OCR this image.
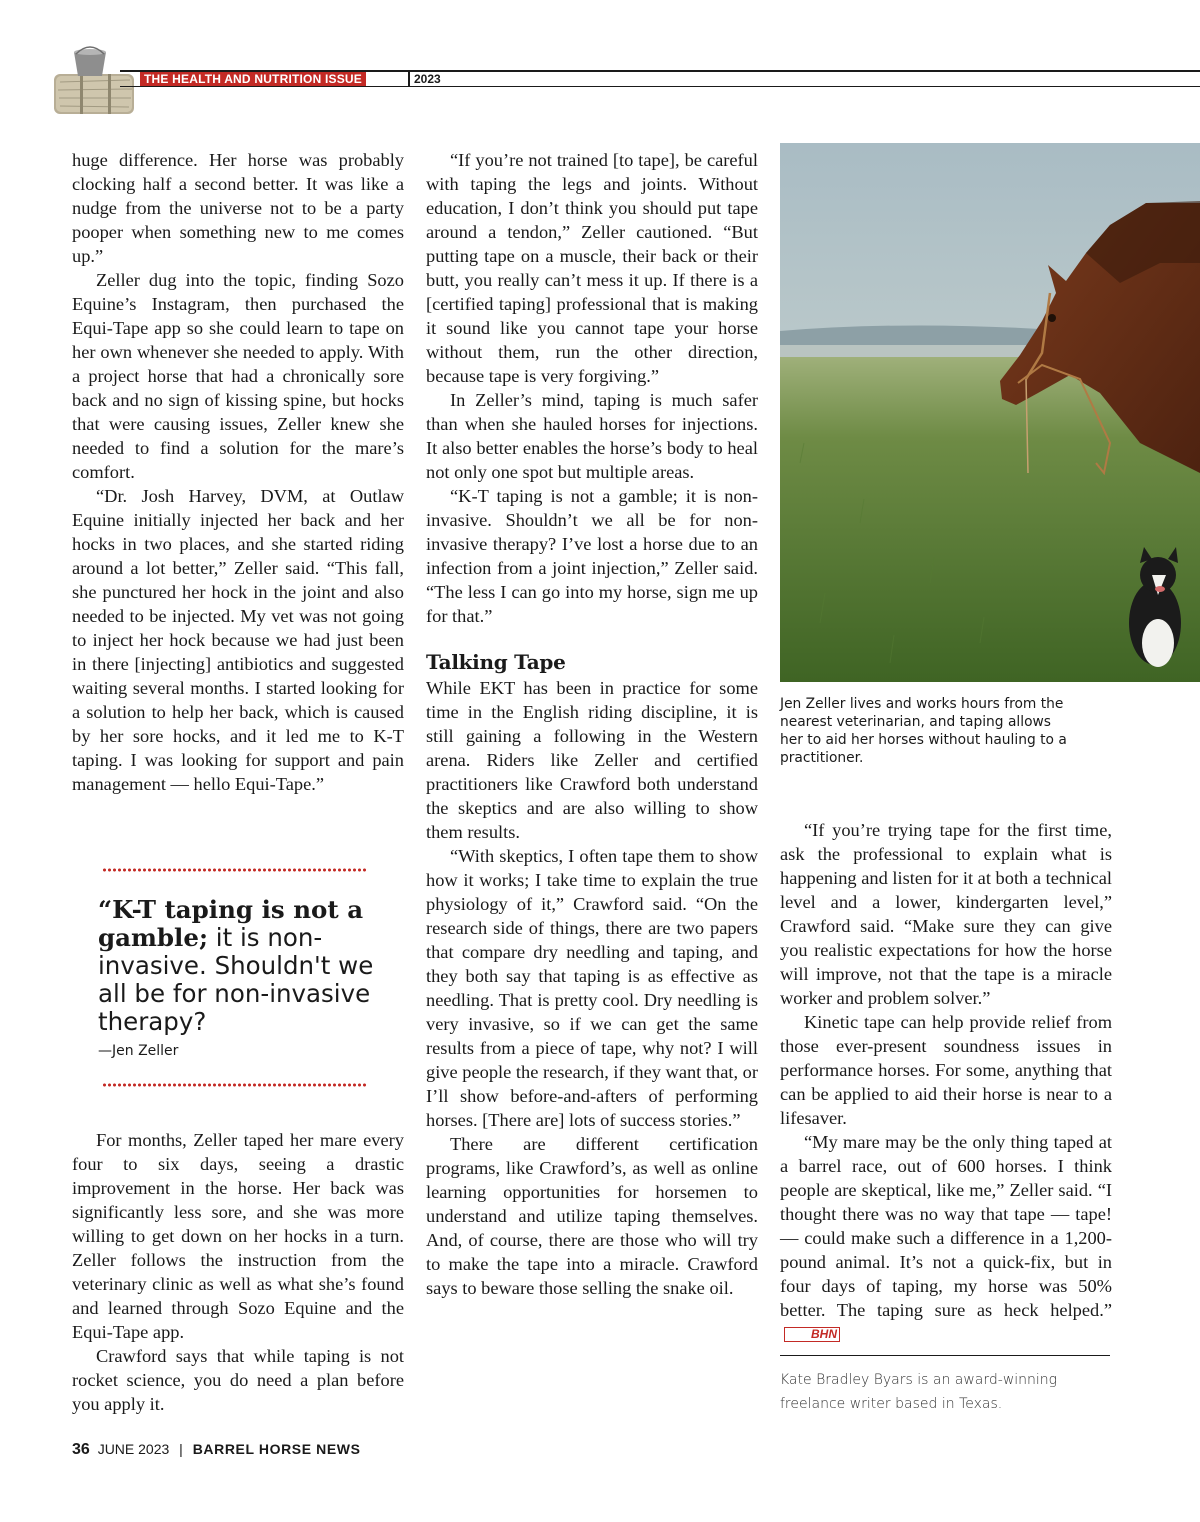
THE HEALTH AND NUTRITION ISSUE	2023

huge difference. Her horse was probably clocking half a second better. It was like a nudge from the universe not to be a party pooper when something new to me comes up.”

Zeller dug into the topic, finding Sozo Equine’s Instagram, then purchased the Equi-Tape app so she could learn to tape on her own whenever she needed to apply. With a project horse that had a chronically sore back and no sign of kissing spine, but hocks that were causing issues, Zeller knew she needed to find a solution for the mare’s comfort.

“Dr. Josh Harvey, DVM, at Outlaw Equine initially injected her back and her hocks in two places, and she started riding around a lot better,” Zeller said. “This fall, she punctured her hock in the joint and also needed to be injected. My vet was not going to inject her hock because we had just been in there [injecting] antibiotics and suggested waiting several months. I started looking for a solution to help her back, which is caused by her sore hocks, and it led me to K-T taping. I was looking for support and pain management — hello Equi-Tape.”

“K-T taping is not a gamble; it is non-invasive. Shouldn't we all be for non-invasive therapy?
—Jen Zeller

For months, Zeller taped her mare every four to six days, seeing a drastic improvement in the horse. Her back was significantly less sore, and she was more willing to get down on her hocks in a turn. Zeller follows the instruction from the veterinary clinic as well as what she’s found and learned through Sozo Equine and the Equi-Tape app.

Crawford says that while taping is not rocket science, you do need a plan before you apply it.

“If you’re not trained [to tape], be careful with taping the legs and joints. Without education, I don’t think you should put tape around a tendon,” Zeller cautioned. “But putting tape on a muscle, their back or their butt, you really can’t mess it up. If there is a [certified taping] professional that is making it sound like you cannot tape your horse without them, run the other direction, because tape is very forgiving.”

In Zeller’s mind, taping is much safer than when she hauled horses for injections. It also better enables the horse’s body to heal not only one spot but multiple areas.

“K-T taping is not a gamble; it is non-invasive. Shouldn’t we all be for non-invasive therapy? I’ve lost a horse due to an infection from a joint injection,” Zeller said. “The less I can go into my horse, sign me up for that.”

Talking Tape

While EKT has been in practice for some time in the English riding discipline, it is still gaining a following in the Western arena. Riders like Zeller and certified practitioners like Crawford both understand the skeptics and are also willing to show them results.

“With skeptics, I often tape them to show how it works; I take time to explain the true physiology of it,” Crawford said. “On the research side of things, there are two papers that compare dry needling and taping, and they both say that taping is as effective as needling. That is pretty cool. Dry needling is very invasive, so if we can get the same results from a piece of tape, why not? I will give people the research, if they want that, or I’ll show before-and-afters of performing horses. [There are] lots of success stories.”

There are different certification programs, like Crawford’s, as well as online learning opportunities for horsemen to understand and utilize taping themselves. And, of course, there are those who will try to make the tape into a miracle. Crawford says to beware those selling the snake oil.

Jen Zeller lives and works hours from the nearest veterinarian, and taping allows her to aid her horses without hauling to a practitioner.

“If you’re trying tape for the first time, ask the professional to explain what is happening and listen for it at both a technical level and a lower, kindergarten level,” Crawford said. “Make sure they can give you realistic expectations for how the horse will improve, not that the tape is a miracle worker and problem solver.”

Kinetic tape can help provide relief from those ever-present soundness issues in performance horses. For some, anything that can be applied to aid their horse is near to a lifesaver.

“My mare may be the only thing taped at a barrel race, out of 600 horses. I think people are skeptical, like me,” Zeller said. “I thought there was no way that tape — tape! — could make such a difference in a 1,200-pound animal. It’s not a quick-fix, but in four days of taping, my horse was 50% better. The taping sure as heck helped.”BHN

Kate Bradley Byars is an award-winning freelance writer based in Texas.
36 JUNE 2023 | BARREL HORSE NEWS
